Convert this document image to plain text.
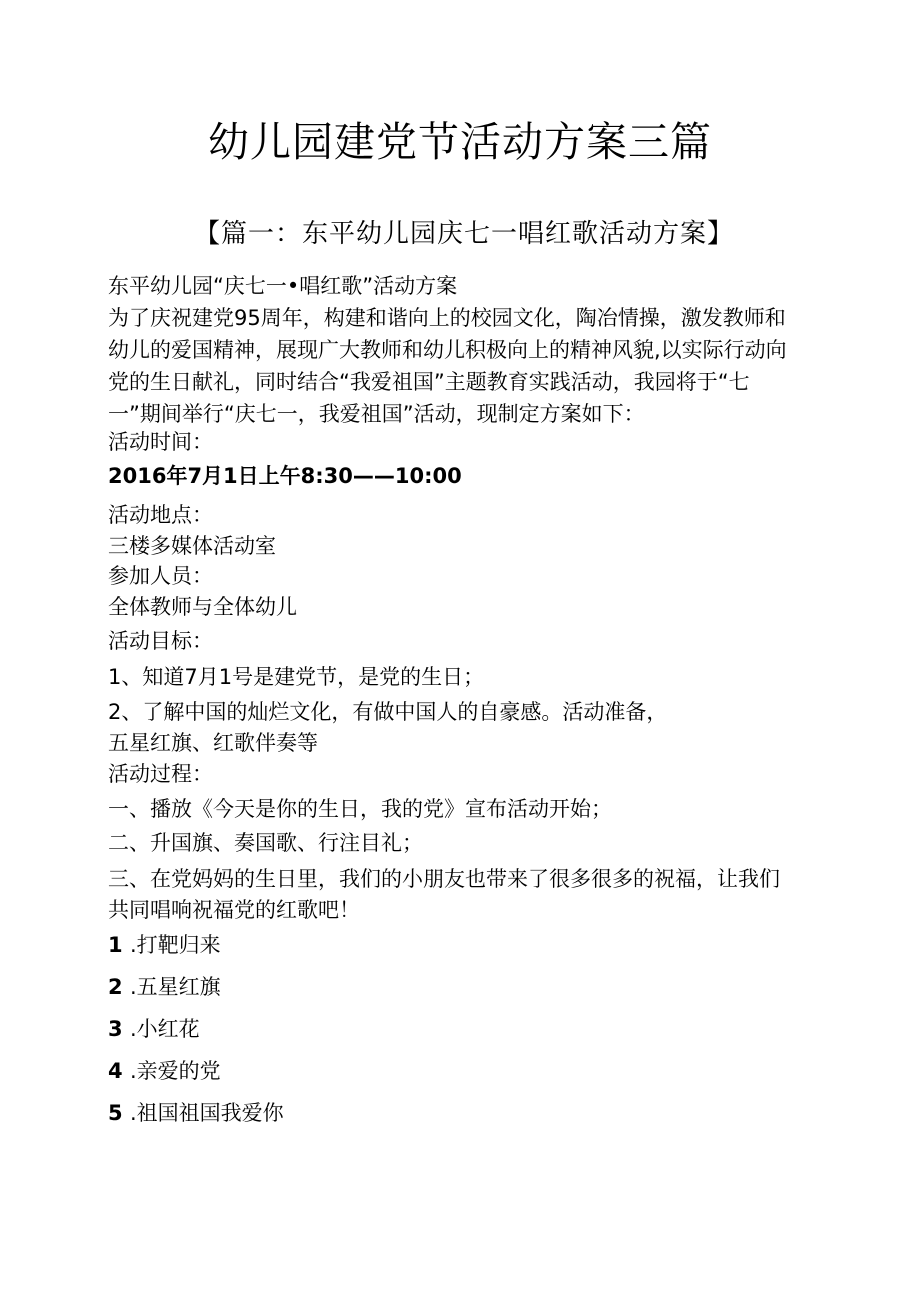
幼儿园建党节活动方案三篇
【篇一：东平幼儿园庆七一唱红歌活动方案】
东平幼儿园“庆七一•唱红歌”活动方案
为了庆祝建党95周年，构建和谐向上的校园文化，陶冶情操，激发教师和
幼儿的爱国精神，展现广大教师和幼儿积极向上的精神风貌,以实际行动向
党的生日献礼，同时结合“我爱祖国”主题教育实践活动，我园将于“七
一”期间举行“庆七一，我爱祖国”活动，现制定方案如下：
活动时间：
2016年7月1日上午8:30——10:00
活动地点：
三楼多媒体活动室
参加人员：
全体教师与全体幼儿
活动目标：
1、知道7月1号是建党节，是党的生日；
2、了解中国的灿烂文化，有做中国人的自豪感。活动准备，
五星红旗、红歌伴奏等
活动过程：
一、播放《今天是你的生日，我的党》宣布活动开始；
二、升国旗、奏国歌、行注目礼；
三、在党妈妈的生日里，我们的小朋友也带来了很多很多的祝福，让我们
共同唱响祝福党的红歌吧！
1 .打靶归来
2 .五星红旗
3 .小红花
4 .亲爱的党
5 .祖国祖国我爱你
